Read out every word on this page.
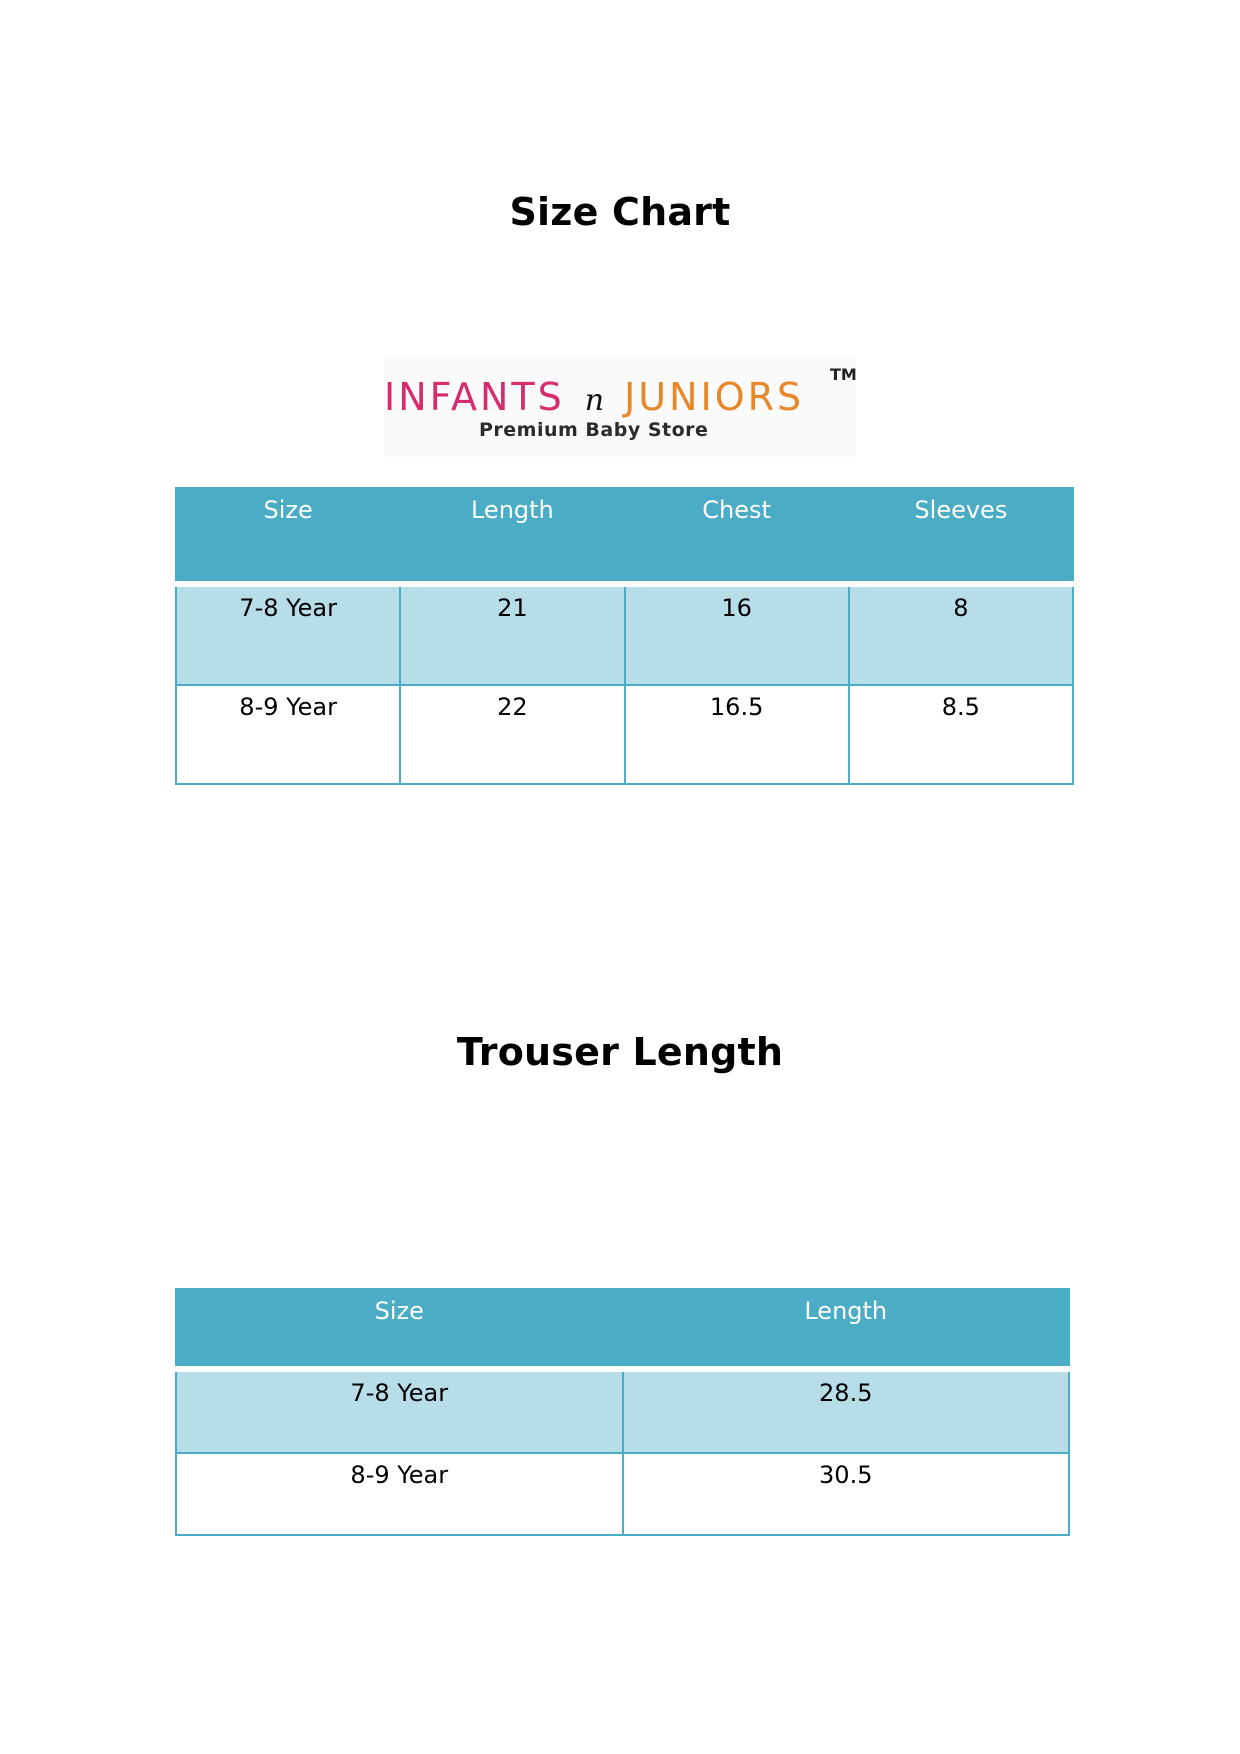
Size Chart
INFANTS n JUNIORS
TM
Premium Baby Store
Size	Length	Chest	Sleeves
7-8 Year	21	16	8
8-9 Year	22	16.5	8.5
Trouser Length
Size	Length
7-8 Year	28.5
8-9 Year	30.5
